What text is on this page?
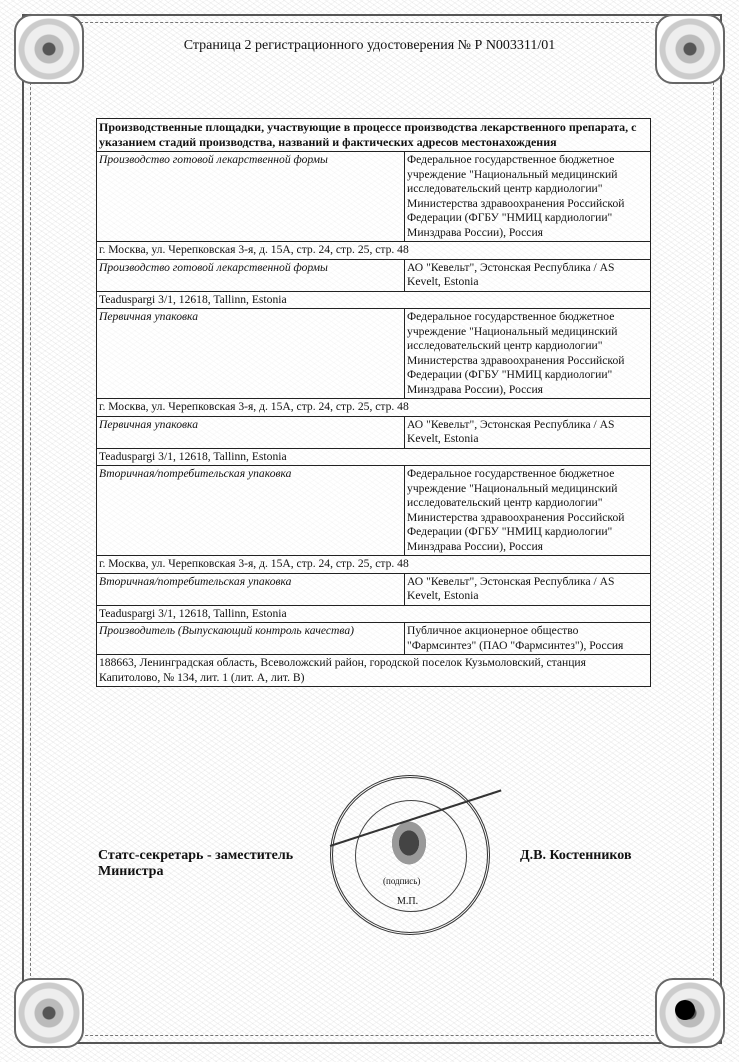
Страница 2 регистрационного удостоверения № Р N003311/01
Производственные площадки, участвующие в процессе производства лекарственного препарата, с указанием стадий производства, названий и фактических адресов местонахождения	
Производство готовой лекарственной формы	Федеральное государственное бюджетное учреждение "Национальный медицинский исследовательский центр кардиологии" Министерства здравоохранения Российской Федерации (ФГБУ "НМИЦ кардиологии" Минздрава России), Россия
г. Москва, ул. Черепковская 3-я, д. 15А, стр. 24, стр. 25, стр. 48	
Производство готовой лекарственной формы	АО "Кевельт", Эстонская Республика / AS Kevelt, Estonia
Teaduspargi 3/1, 12618, Tallinn, Estonia	
Первичная упаковка	Федеральное государственное бюджетное учреждение "Национальный медицинский исследовательский центр кардиологии" Министерства здравоохранения Российской Федерации (ФГБУ "НМИЦ кардиологии" Минздрава России), Россия
г. Москва, ул. Черепковская 3-я, д. 15А, стр. 24, стр. 25, стр. 48	
Первичная упаковка	АО "Кевельт", Эстонская Республика / AS Kevelt, Estonia
Teaduspargi 3/1, 12618, Tallinn, Estonia	
Вторичная/потребительская упаковка	Федеральное государственное бюджетное учреждение "Национальный медицинский исследовательский центр кардиологии" Министерства здравоохранения Российской Федерации (ФГБУ "НМИЦ кардиологии" Минздрава России), Россия
г. Москва, ул. Черепковская 3-я, д. 15А, стр. 24, стр. 25, стр. 48	
Вторичная/потребительская упаковка	АО "Кевельт", Эстонская Республика / AS Kevelt, Estonia
Teaduspargi 3/1, 12618, Tallinn, Estonia	
Производитель (Выпускающий контроль качества)	Публичное акционерное общество "Фармсинтез" (ПАО "Фармсинтез"), Россия
188663, Ленинградская область, Всеволожский район, городской поселок Кузьмоловский, станция Капитолово, № 134, лит. 1 (лит. А, лит. В)	
(подпись)
М.П.
Статс-секретарь - заместитель
Министра
Д.В. Костенников
